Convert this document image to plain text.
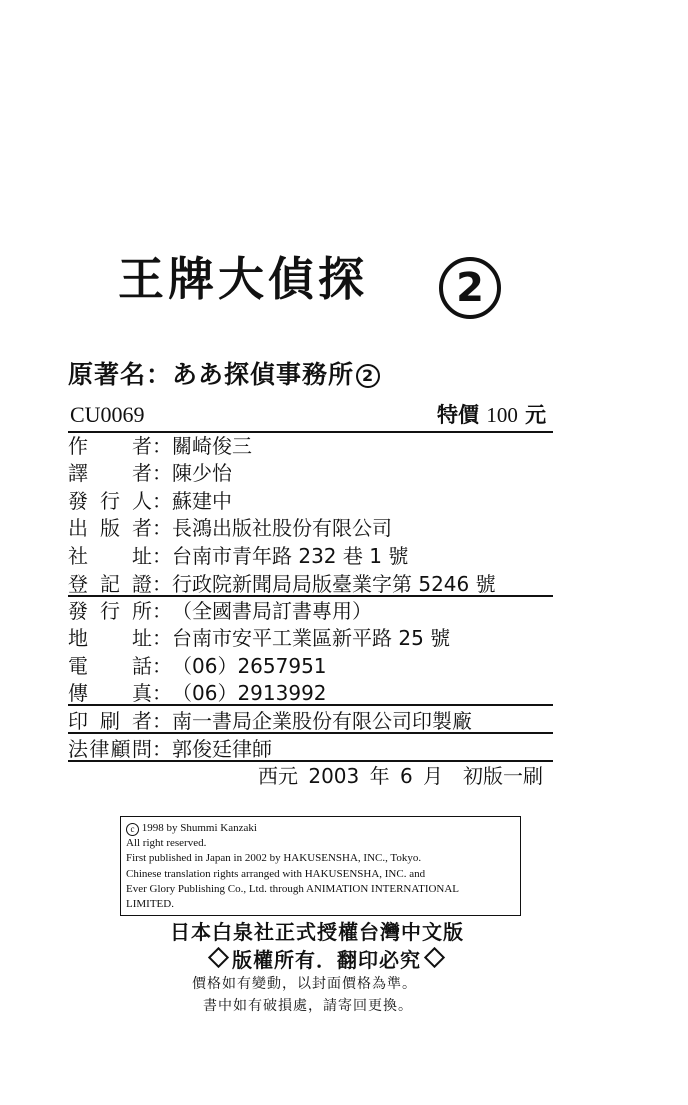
王牌大偵探	2
原著名：ああ探偵事務所 2
CU0069	特價 100 元
作 者 ： 關崎俊三
譯 者 ： 陳少怡
發 行 人 ： 蘇建中
出 版 者 ： 長鴻出版社股份有限公司
社 址 ： 台南市青年路 232 巷 1 號
登 記 證 ： 行政院新聞局局版臺業字第 5246 號
發 行 所 ： （全國書局訂書專用）
地 址 ： 台南市安平工業區新平路 25 號
電 話 ： （06）2657951
傳 真 ： （06）2913992
印 刷 者 ： 南一書局企業股份有限公司印製廠
法 律 顧 問 ： 郭俊廷律師
西元 2003 年 6 月　初版一刷
c 1998 by Shummi Kanzaki
All right reserved.
First published in Japan in 2002 by HAKUSENSHA, INC., Tokyo.
Chinese translation rights arranged with HAKUSENSHA, INC. and
Ever Glory Publishing Co., Ltd. through ANIMATION INTERNATIONAL
LIMITED.
日本白泉社正式授權台灣中文版
版權所有．翻印必究
價格如有變動，以封面價格為準。
書中如有破損處，請寄回更換。
